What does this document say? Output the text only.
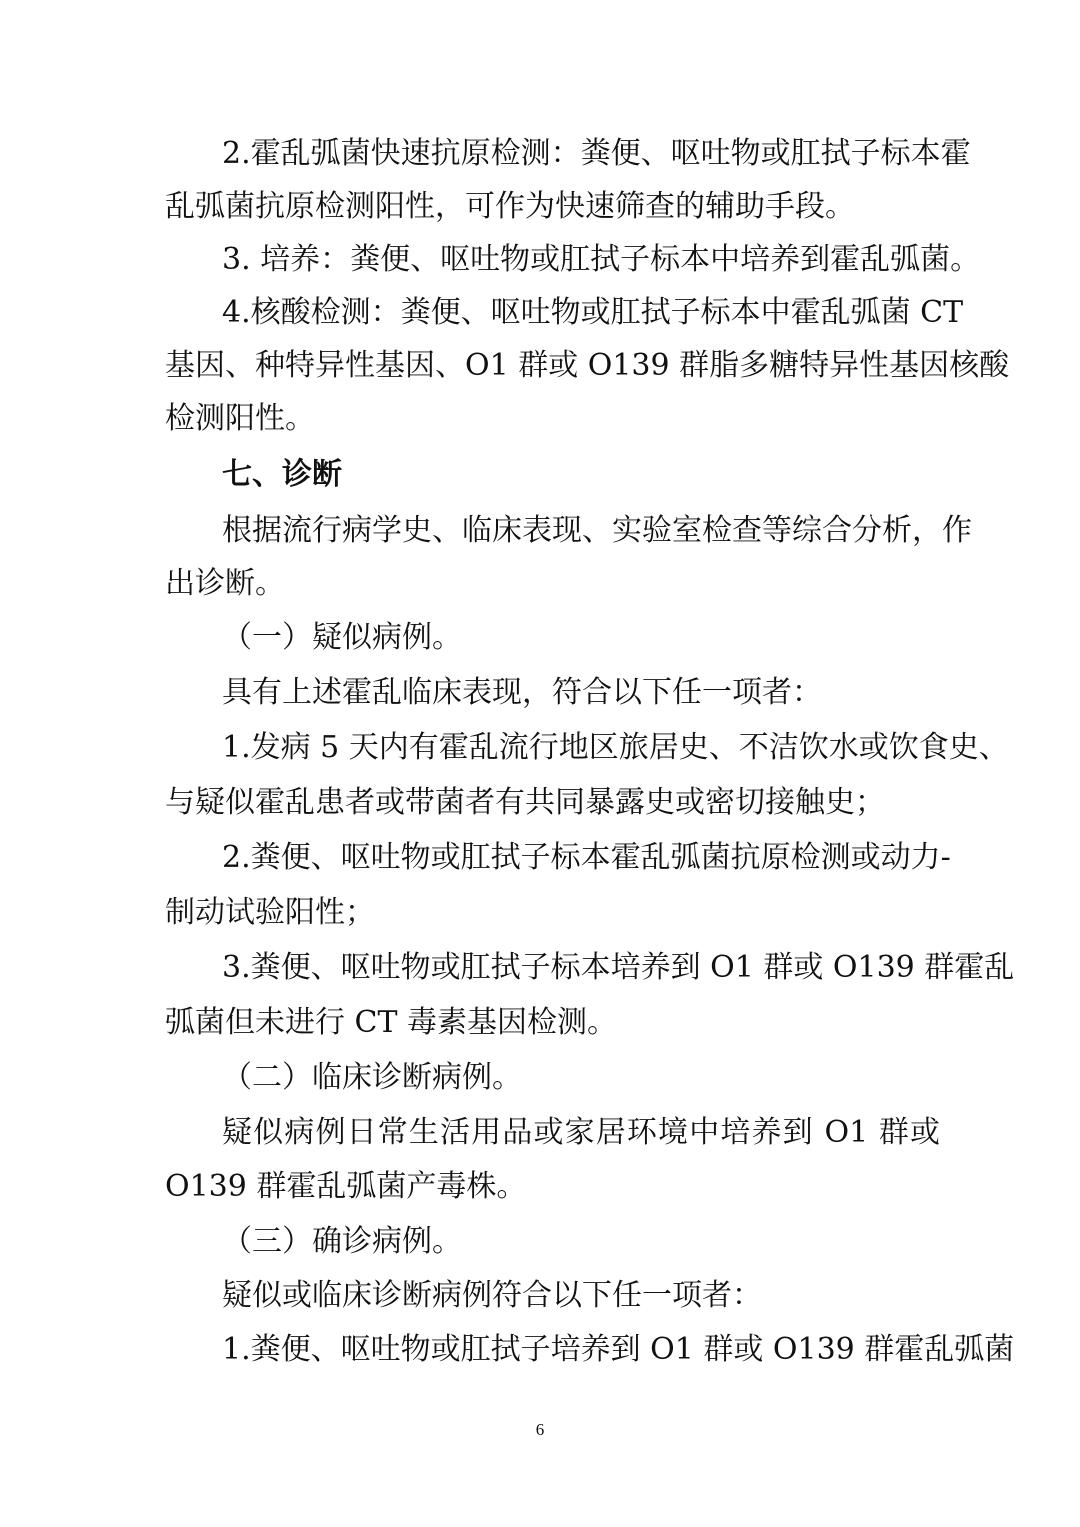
2.霍乱弧菌快速抗原检测：粪便、呕吐物或肛拭子标本霍
乱弧菌抗原检测阳性，可作为快速筛查的辅助手段。
3. 培养：粪便、呕吐物或肛拭子标本中培养到霍乱弧菌。
4.核酸检测：粪便、呕吐物或肛拭子标本中霍乱弧菌 CT
基因、种特异性基因、O1 群或 O139 群脂多糖特异性基因核酸
检测阳性。
七、诊断
根据流行病学史、临床表现、实验室检查等综合分析，作
出诊断。
（一）疑似病例。
具有上述霍乱临床表现，符合以下任一项者：
1.发病 5 天内有霍乱流行地区旅居史、不洁饮水或饮食史、
与疑似霍乱患者或带菌者有共同暴露史或密切接触史；
2.粪便、呕吐物或肛拭子标本霍乱弧菌抗原检测或动力-
制动试验阳性；
3.粪便、呕吐物或肛拭子标本培养到 O1 群或 O139 群霍乱
弧菌但未进行 CT 毒素基因检测。
（二）临床诊断病例。
疑似病例日常生活用品或家居环境中培养到 O1 群或
O139 群霍乱弧菌产毒株。
（三）确诊病例。
疑似或临床诊断病例符合以下任一项者：
1.粪便、呕吐物或肛拭子培养到 O1 群或 O139 群霍乱弧菌
6
